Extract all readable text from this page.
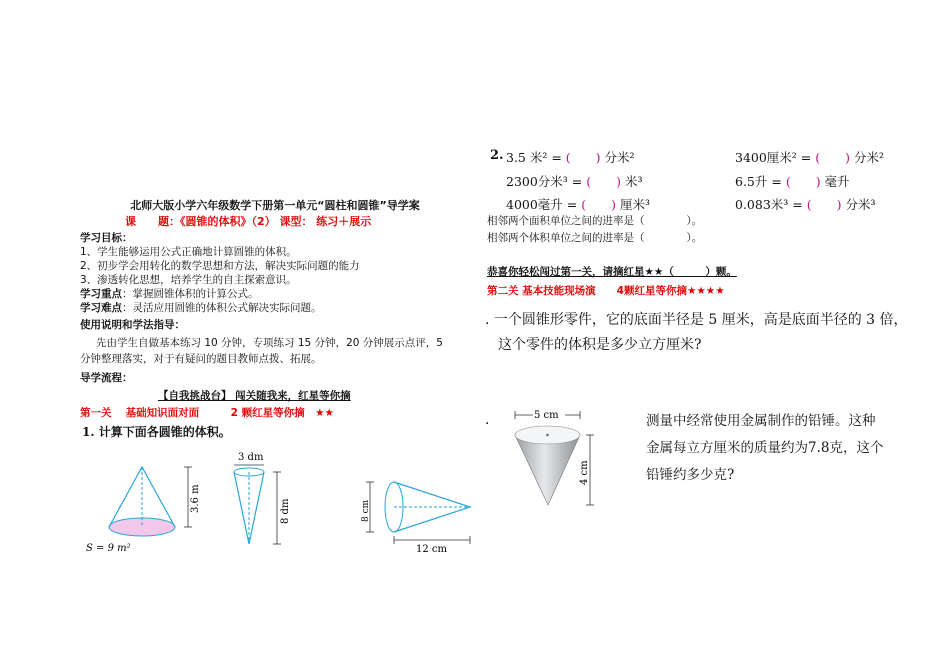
北师大版小学六年级数学下册第一单元“圆柱和圆锥”导学案
课　　题：《圆锥的体积》（2） 课型： 练习＋展示
学习目标：
1、学生能够运用公式正确地计算圆锥的体积。
2、初步学会用转化的数学思想和方法，解决实际问题的能力
3、渗透转化思想，培养学生的自主探索意识。
学习重点：掌握圆锥体积的计算公式。
学习难点：灵活应用圆锥的体积公式解决实际问题。
使用说明和学法指导：
先由学生自做基本练习 10 分钟，专项练习 15 分钟，20 分钟展示点评，5
分钟整理落实，对于有疑问的题目教师点拨、拓展。
导学流程：
【自我挑战台】 闯关随我来，红星等你摘
第一关　 基础知识面对面　　　2 颗红星等你摘　★★
1. 计算下面各圆锥的体积。
3.6 m
S = 9 m²
3 dm
8 dm	8 cm
12 cm
2. 3.5 米² = (　　) 分米²	3400厘米² = (　　) 分米²
2300分米³ = (　　) 米³	6.5升 = (　　) 毫升
4000毫升 = (　　) 厘米³	0.083米³ = (　　) 分米³
相邻两个面积单位之间的进率是（　　　　）。
相邻两个体积单位之间的进率是（　　　　）。
恭喜你轻松闯过第一关，请摘红星★★（　　　）颗。
第二关 基本技能现场演　　4颗红星等你摘★★★★
. 一个圆锥形零件，它的底面半径是 5 厘米，高是底面半径的 3 倍，
这个零件的体积是多少立方厘米?
.	5 cm
4 cm
测量中经常使用金属制作的铅锤。这种
金属每立方厘米的质量约为7.8克，这个
铅锤约多少克?
